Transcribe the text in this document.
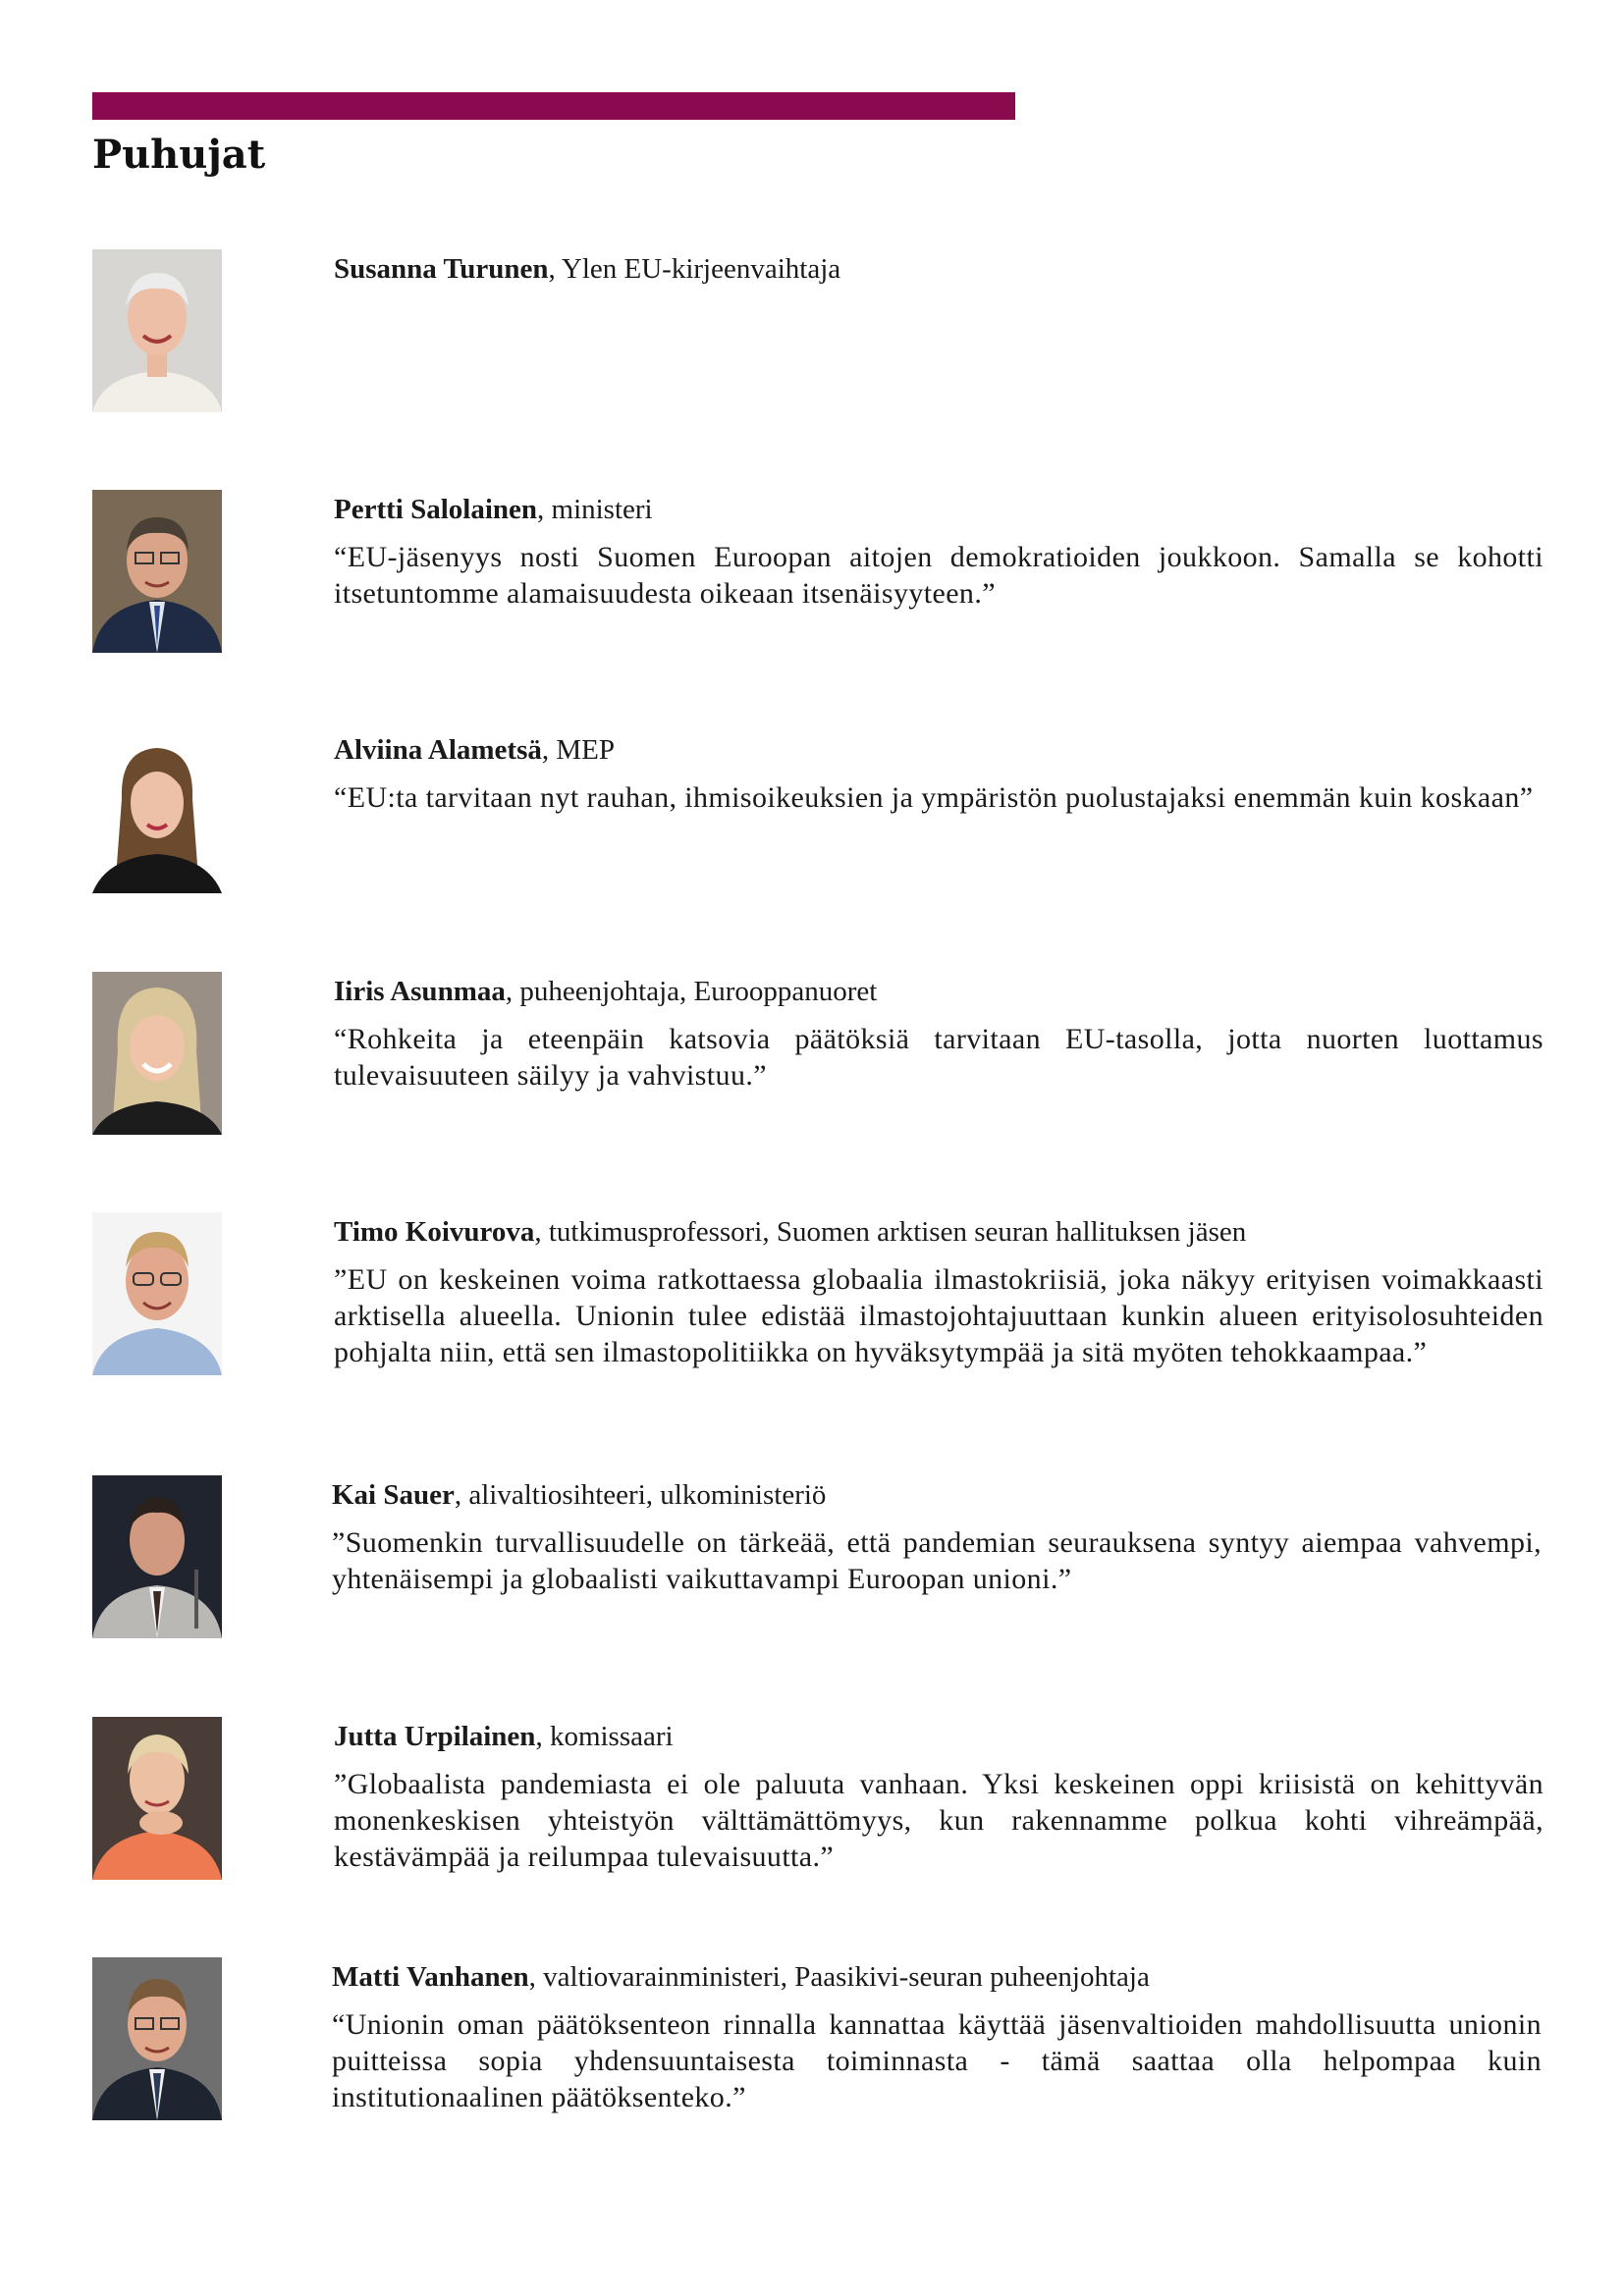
Puhujat

Susanna Turunen, Ylen EU-kirjeenvaihtaja

Pertti Salolainen, ministeri

“EU-jäsenyys nosti Suomen Euroopan aitojen demokratioiden joukkoon. Samalla se kohotti itsetuntomme alamaisuudesta oikeaan itsenäisyyteen.”

Alviina Alametsä, MEP

“EU:ta tarvitaan nyt rauhan, ihmisoikeuksien ja ympäristön puolustajaksi enemmän kuin koskaan”

Iiris Asunmaa, puheenjohtaja, Eurooppanuoret

“Rohkeita ja eteenpäin katsovia päätöksiä tarvitaan EU-tasolla, jotta nuorten luottamus tulevaisuuteen säilyy ja vahvistuu.”

Timo Koivurova, tutkimusprofessori, Suomen arktisen seuran hallituksen jäsen

”EU on keskeinen voima ratkottaessa globaalia ilmastokriisiä, joka näkyy erityisen voimakkaasti arktisella alueella. Unionin tulee edistää ilmastojohtajuuttaan kunkin alueen erityisolosuhteiden pohjalta niin, että sen ilmastopolitiikka on hyväksytympää ja sitä myöten tehokkaampaa.”

Kai Sauer, alivaltiosihteeri, ulkoministeriö

”Suomenkin turvallisuudelle on tärkeää, että pandemian seurauksena syntyy aiempaa vahvempi, yhtenäisempi ja globaalisti vaikuttavampi Euroopan unioni.”

Jutta Urpilainen, komissaari

”Globaalista pandemiasta ei ole paluuta vanhaan. Yksi keskeinen oppi kriisistä on kehittyvän monenkeskisen yhteistyön välttämättömyys, kun rakennamme polkua kohti vihreämpää, kestävämpää ja reilumpaa tulevaisuutta.”

Matti Vanhanen, valtiovarainministeri, Paasikivi-seuran puheenjohtaja

“Unionin oman päätöksenteon rinnalla kannattaa käyttää jäsenvaltioiden mahdollisuutta unionin puitteissa sopia yhdensuuntaisesta toiminnasta - tämä saattaa olla helpompaa kuin institutionaalinen päätöksenteko.”
